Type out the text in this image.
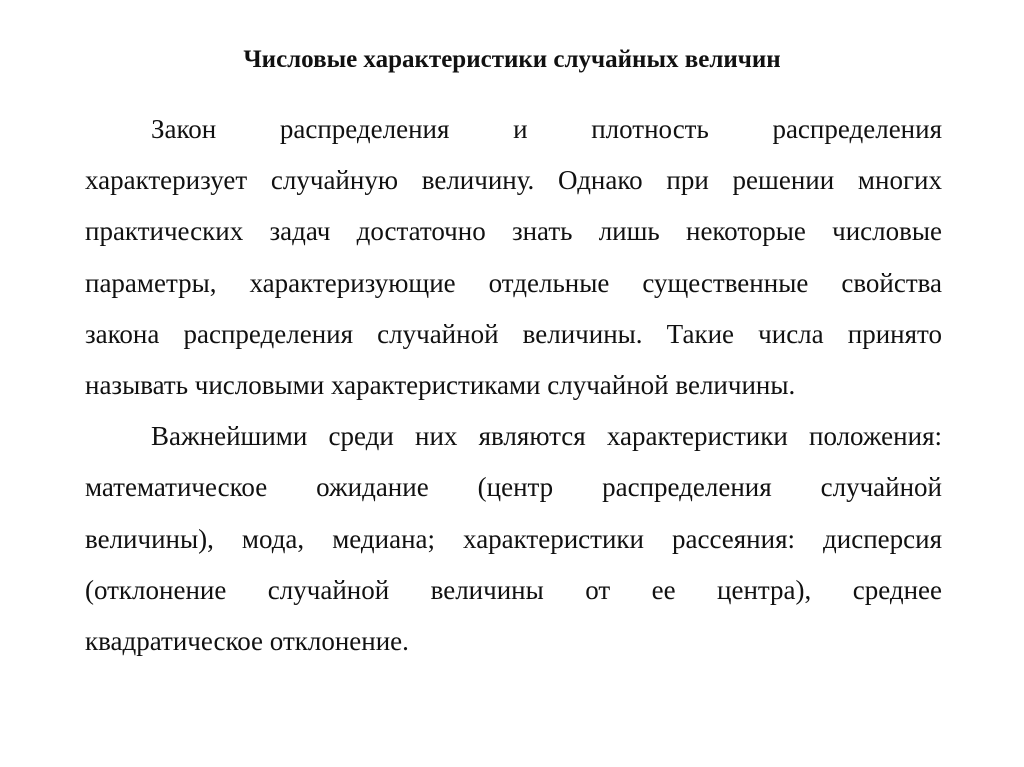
Числовые характеристики случайных величин
Закон распределения и плотность распределения
характеризует случайную величину. Однако при решении многих
практических задач достаточно знать лишь некоторые числовые
параметры, характеризующие отдельные существенные свойства
закона распределения случайной величины. Такие числа принято
называть числовыми характеристиками случайной величины.
Важнейшими среди них являются характеристики положения:
математическое ожидание (центр распределения случайной
величины), мода, медиана; характеристики рассеяния: дисперсия
(отклонение случайной величины от ее центра), среднее
квадратическое отклонение.
